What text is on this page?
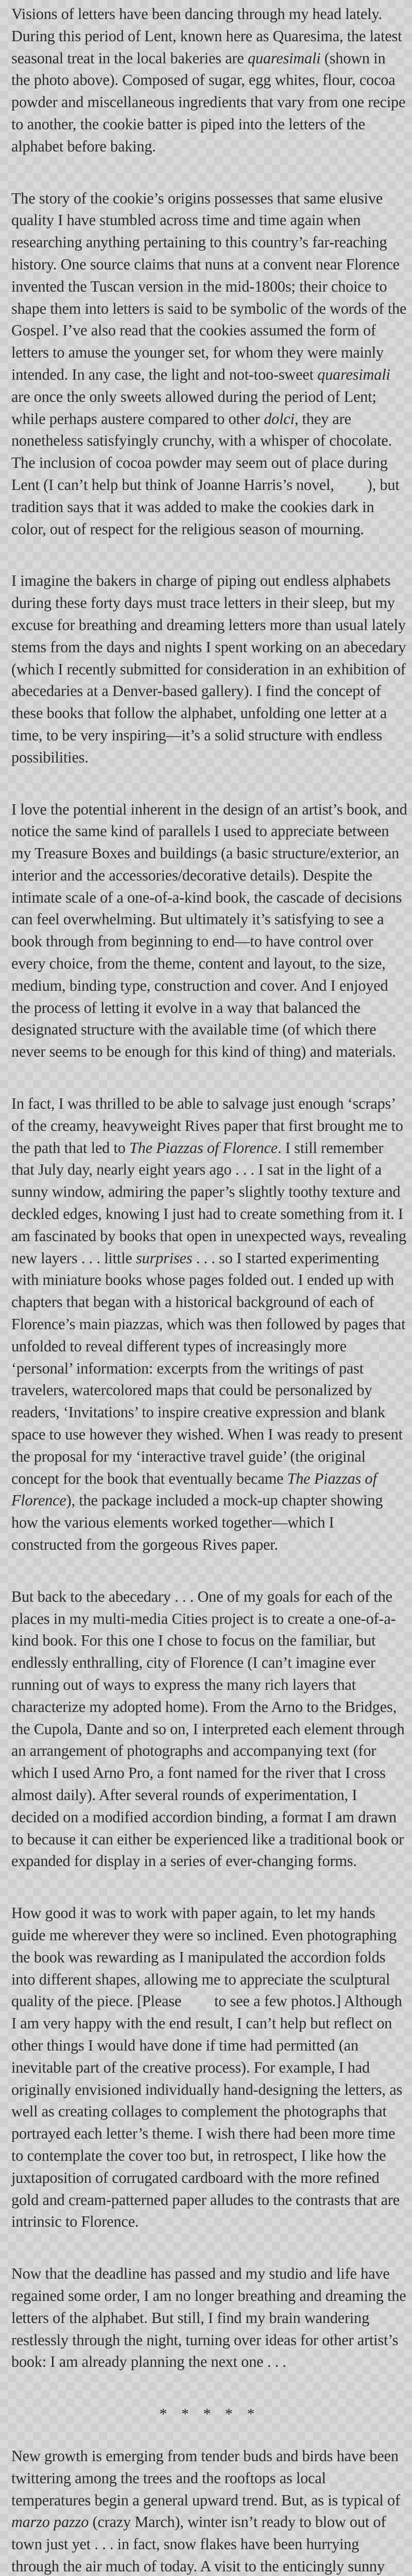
Visions of letters have been dancing through my head lately. During this period of Lent, known here as Quaresima, the latest seasonal treat in the local bakeries are quaresimali (shown in the photo above). Composed of sugar, egg whites, flour, cocoa powder and miscellaneous ingredients that vary from one recipe to another, the cookie batter is piped into the letters of the alphabet before baking.

The story of the cookie’s origins possesses that same elusive quality I have stumbled across time and time again when researching anything pertaining to this country’s far-reaching history. One source claims that nuns at a convent near Florence invented the Tuscan version in the mid-1800s; their choice to shape them into letters is said to be symbolic of the words of the Gospel. I’ve also read that the cookies assumed the form of letters to amuse the younger set, for whom they were mainly intended. In any case, the light and not-too-sweet quaresimali are once the only sweets allowed during the period of Lent; while perhaps austere compared to other dolci, they are nonetheless satisfyingly crunchy, with a whisper of chocolate. The inclusion of cocoa powder may seem out of place during Lent (I can’t help but think of Joanne Harris’s novel, ), but tradition says that it was added to make the cookies dark in color, out of respect for the religious season of mourning.

I imagine the bakers in charge of piping out endless alphabets during these forty days must trace letters in their sleep, but my excuse for breathing and dreaming letters more than usual lately stems from the days and nights I spent working on an abecedary (which I recently submitted for consideration in an exhibition of abecedaries at a Denver-based gallery). I find the concept of these books that follow the alphabet, unfolding one letter at a time, to be very inspiring—it’s a solid structure with endless possibilities.

I love the potential inherent in the design of an artist’s book, and notice the same kind of parallels I used to appreciate between my Treasure Boxes and buildings (a basic structure/exterior, an interior and the accessories/decorative details). Despite the intimate scale of a one-of-a-kind book, the cascade of decisions can feel overwhelming. But ultimately it’s satisfying to see a book through from beginning to end—to have control over every choice, from the theme, content and layout, to the size, medium, binding type, construction and cover. And I enjoyed the process of letting it evolve in a way that balanced the designated structure with the available time (of which there never seems to be enough for this kind of thing) and materials.

In fact, I was thrilled to be able to salvage just enough ‘scraps’ of the creamy, heavyweight Rives paper that first brought me to the path that led to The Piazzas of Florence. I still remember that July day, nearly eight years ago . . . I sat in the light of a sunny window, admiring the paper’s slightly toothy texture and deckled edges, knowing I just had to create something from it. I am fascinated by books that open in unexpected ways, revealing new layers . . . little surprises . . . so I started experimenting with miniature books whose pages folded out. I ended up with chapters that began with a historical background of each of Florence’s main piazzas, which was then followed by pages that unfolded to reveal different types of increasingly more ‘personal’ information: excerpts from the writings of past travelers, watercolored maps that could be personalized by readers, ‘Invitations’ to inspire creative expression and blank space to use however they wished. When I was ready to present the proposal for my ‘interactive travel guide’ (the original concept for the book that eventually became The Piazzas of Florence), the package included a mock-up chapter showing how the various elements worked together—which I constructed from the gorgeous Rives paper.

But back to the abecedary . . . One of my goals for each of the places in my multi-media Cities project is to create a one-of-a-kind book. For this one I chose to focus on the familiar, but endlessly enthralling, city of Florence (I can’t imagine ever running out of ways to express the many rich layers that characterize my adopted home). From the Arno to the Bridges, the Cupola, Dante and so on, I interpreted each element through an arrangement of photographs and accompanying text (for which I used Arno Pro, a font named for the river that I cross almost daily). After several rounds of experimentation, I decided on a modified accordion binding, a format I am drawn to because it can either be experienced like a traditional book or expanded for display in a series of ever-changing forms.

How good it was to work with paper again, to let my hands guide me wherever they were so inclined. Even photographing the book was rewarding as I manipulated the accordion folds into different shapes, allowing me to appreciate the sculptural quality of the piece. [Please to see a few photos.] Although I am very happy with the end result, I can’t help but reflect on other things I would have done if time had permitted (an inevitable part of the creative process). For example, I had originally envisioned individually hand-designing the letters, as well as creating collages to complement the photographs that portrayed each letter’s theme. I wish there had been more time to contemplate the cover too but, in retrospect, I like how the juxtaposition of corrugated cardboard with the more refined gold and cream-patterned paper alludes to the contrasts that are intrinsic to Florence.

Now that the deadline has passed and my studio and life have regained some order, I am no longer breathing and dreaming the letters of the alphabet. But still, I find my brain wandering restlessly through the night, turning over ideas for other artist’s book: I am already planning the next one . . .

* * * * *

New growth is emerging from tender buds and birds have been twittering among the trees and the rooftops as local temperatures begin a general upward trend. But, as is typical of marzo pazzo (crazy March), winter isn’t ready to blow out of town just yet . . . in fact, snow flakes have been hurrying through the air much of today. A visit to the enticingly sunny
